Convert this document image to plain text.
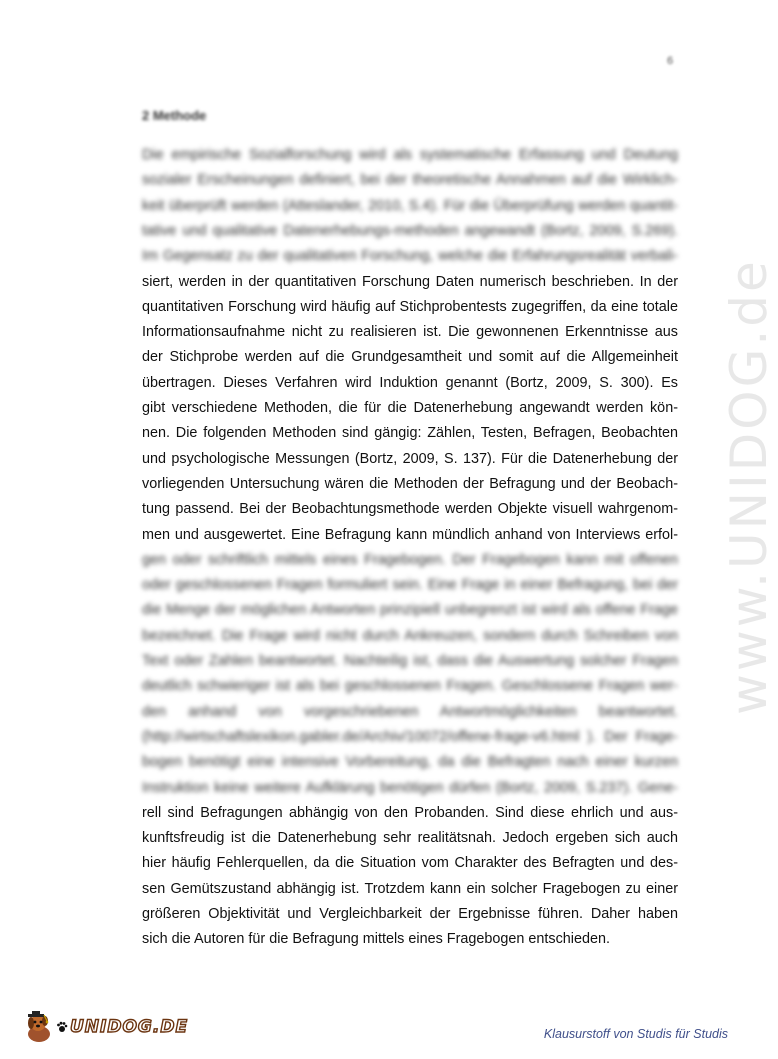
6
2 Methode
Die empirische Sozialforschung wird als systematische Erfassung und Deutung
sozialer Erscheinungen definiert, bei der theoretische Annahmen auf die Wirklich-
keit überprüft werden (Atteslander, 2010, S.4). Für die Überprüfung werden quantit-
tative und qualitative Datenerhebungs-methoden angewandt (Bortz, 2009, S.269).
Im Gegensatz zu der qualitativen Forschung, welche die Erfahrungsrealität verbali-
siert, werden in der quantitativen Forschung Daten numerisch beschrieben. In der
quantitativen Forschung wird häufig auf Stichprobentests zugegriffen, da eine totale
Informationsaufnahme nicht zu realisieren ist. Die gewonnenen Erkenntnisse aus
der Stichprobe werden auf die Grundgesamtheit und somit auf die Allgemeinheit
übertragen. Dieses Verfahren wird Induktion genannt (Bortz, 2009, S. 300). Es
gibt verschiedene Methoden, die für die Datenerhebung angewandt werden kön-
nen. Die folgenden Methoden sind gängig: Zählen, Testen, Befragen, Beobachten
und psychologische Messungen (Bortz, 2009, S. 137). Für die Datenerhebung der
vorliegenden Untersuchung wären die Methoden der Befragung und der Beobach-
tung passend. Bei der Beobachtungsmethode werden Objekte visuell wahrgenom-
men und ausgewertet. Eine Befragung kann mündlich anhand von Interviews erfol-
gen oder schriftlich mittels eines Fragebogen. Der Fragebogen kann mit offenen
oder geschlossenen Fragen formuliert sein. Eine Frage in einer Befragung, bei der
die Menge der möglichen Antworten prinzipiell unbegrenzt ist wird als offene Frage
bezeichnet. Die Frage wird nicht durch Ankreuzen, sondern durch Schreiben von
Text oder Zahlen beantwortet. Nachteilig ist, dass die Auswertung solcher Fragen
deutlich schwieriger ist als bei geschlossenen Fragen. Geschlossene Fragen wer-
den anhand von vorgeschriebenen Antwortmöglichkeiten beantwortet.
(http://wirtschaftslexikon.gabler.de/Archiv/10072/offene-frage-v6.html ). Der Frage-
bogen benötigt eine intensive Vorbereitung, da die Befragten nach einer kurzen
Instruktion keine weitere Aufklärung benötigen dürfen (Bortz, 2009, S.237). Gene-
rell sind Befragungen abhängig von den Probanden. Sind diese ehrlich und aus-
kunftsfreudig ist die Datenerhebung sehr realitätsnah. Jedoch ergeben sich auch
hier häufig Fehlerquellen, da die Situation vom Charakter des Befragten und des-
sen Gemütszustand abhängig ist. Trotzdem kann ein solcher Fragebogen zu einer
größeren Objektivität und Vergleichbarkeit der Ergebnisse führen. Daher haben
sich die Autoren für die Befragung mittels eines Fragebogen entschieden.
www.UNIDOG.de
UNIDOG.DE	Klausurstoff von Studis für Studis
